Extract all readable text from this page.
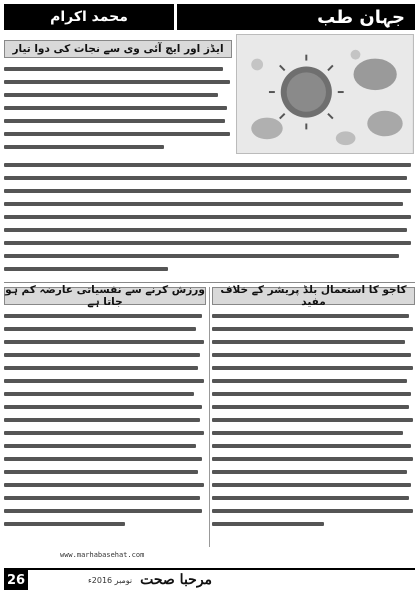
محمد اکرام	جہان طب
ایڈز اور ایچ آئی وی سے نجات کی دوا تیار
ورزش کرنے سے نفسیاتی عارضہ کم ہو جاتا ہے
کاجو کا استعمال بلڈ پریشر کے خلاف مفید
www.marhabasehat.com
26	نومبر 2016ء مرحبا صحت
